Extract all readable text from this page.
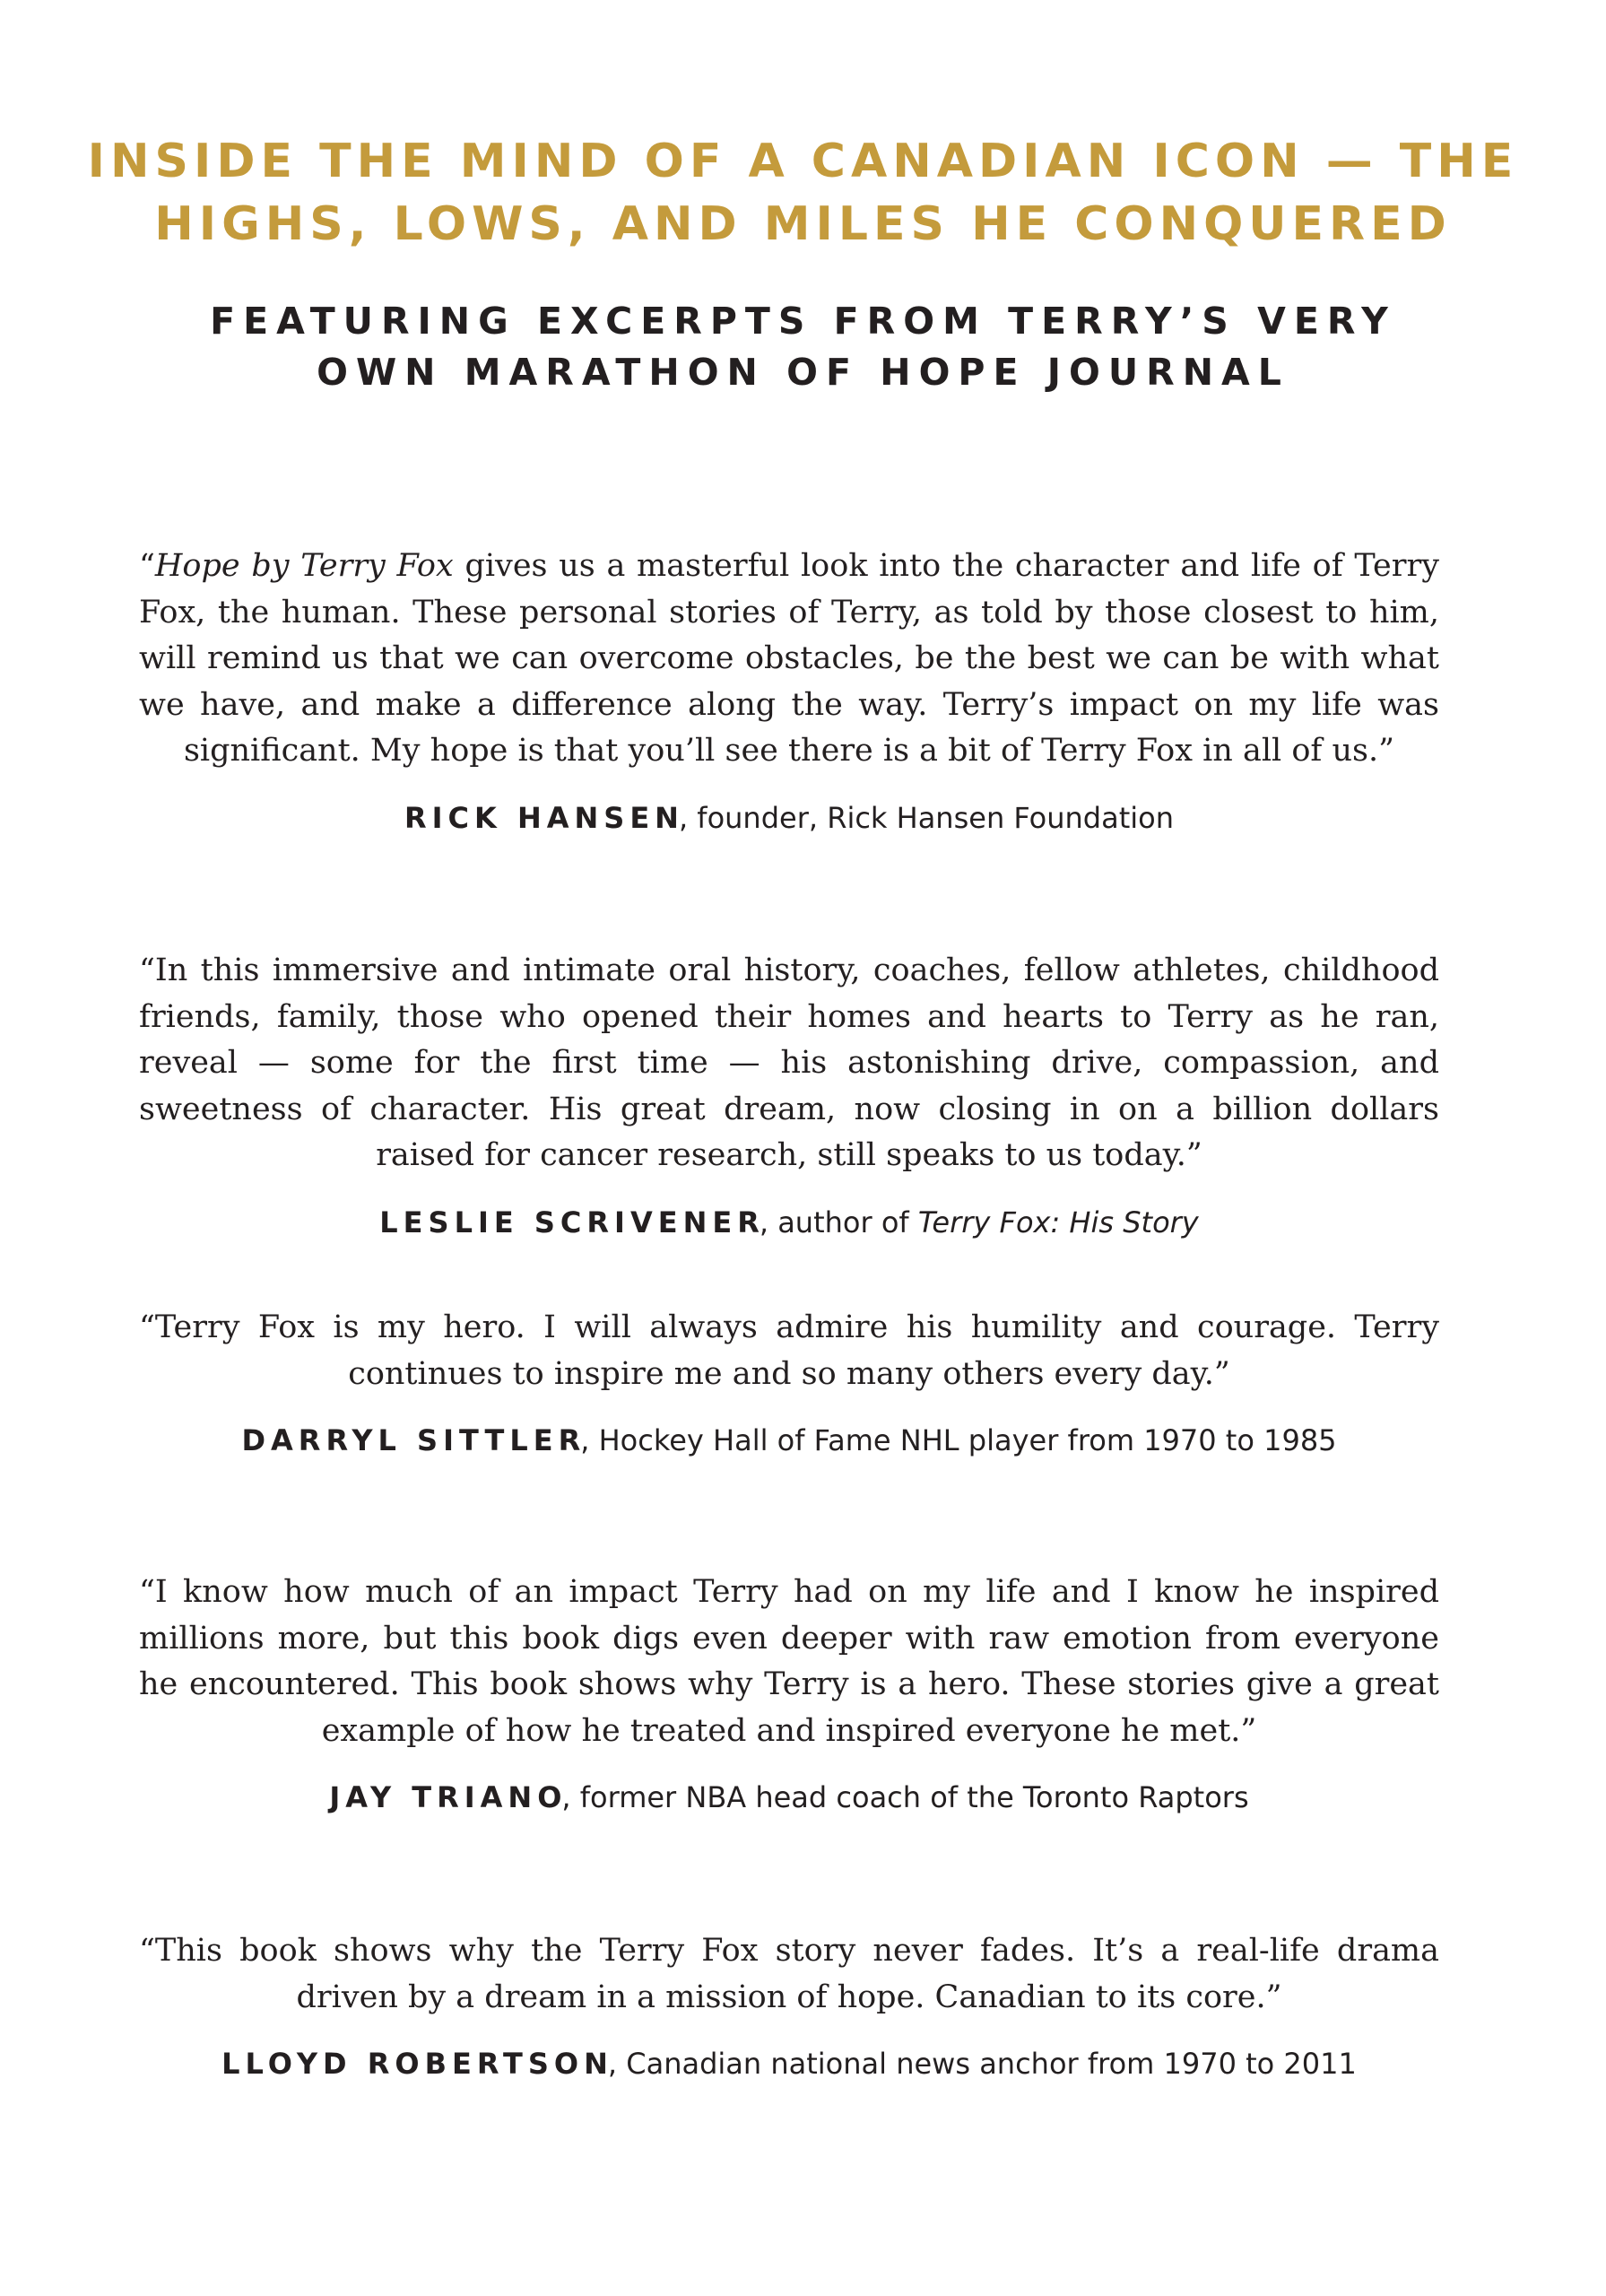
INSIDE THE MIND OF A CANADIAN ICON — THE
HIGHS, LOWS, AND MILES HE CONQUERED
FEATURING EXCERPTS FROM TERRY’S VERY
OWN MARATHON OF HOPE JOURNAL

“Hope by Terry Fox gives us a masterful look into the character and life of Terry Fox, the human. These personal stories of Terry, as told by those closest to him, will remind us that we can overcome obstacles, be the best we can be with what we have, and make a difference along the way. Terry’s impact on my life was significant. My hope is that you’ll see there is a bit of Terry Fox in all of us.”

RICK HANSEN, founder, Rick Hansen Foundation

“In this immersive and intimate oral history, coaches, fellow athletes, childhood friends, family, those who opened their homes and hearts to Terry as he ran, reveal — some for the first time — his astonishing drive, compassion, and sweetness of character. His great dream, now closing in on a billion dollars raised for cancer research, still speaks to us today.”

LESLIE SCRIVENER, author of Terry Fox: His Story

“Terry Fox is my hero. I will always admire his humility and courage. Terry continues to inspire me and so many others every day.”

DARRYL SITTLER, Hockey Hall of Fame NHL player from 1970 to 1985

“I know how much of an impact Terry had on my life and I know he inspired millions more, but this book digs even deeper with raw emotion from everyone he encountered. This book shows why Terry is a hero. These stories give a great example of how he treated and inspired everyone he met.”

JAY TRIANO, former NBA head coach of the Toronto Raptors

“This book shows why the Terry Fox story never fades. It’s a real-life drama driven by a dream in a mission of hope. Canadian to its core.”

LLOYD ROBERTSON, Canadian national news anchor from 1970 to 2011
